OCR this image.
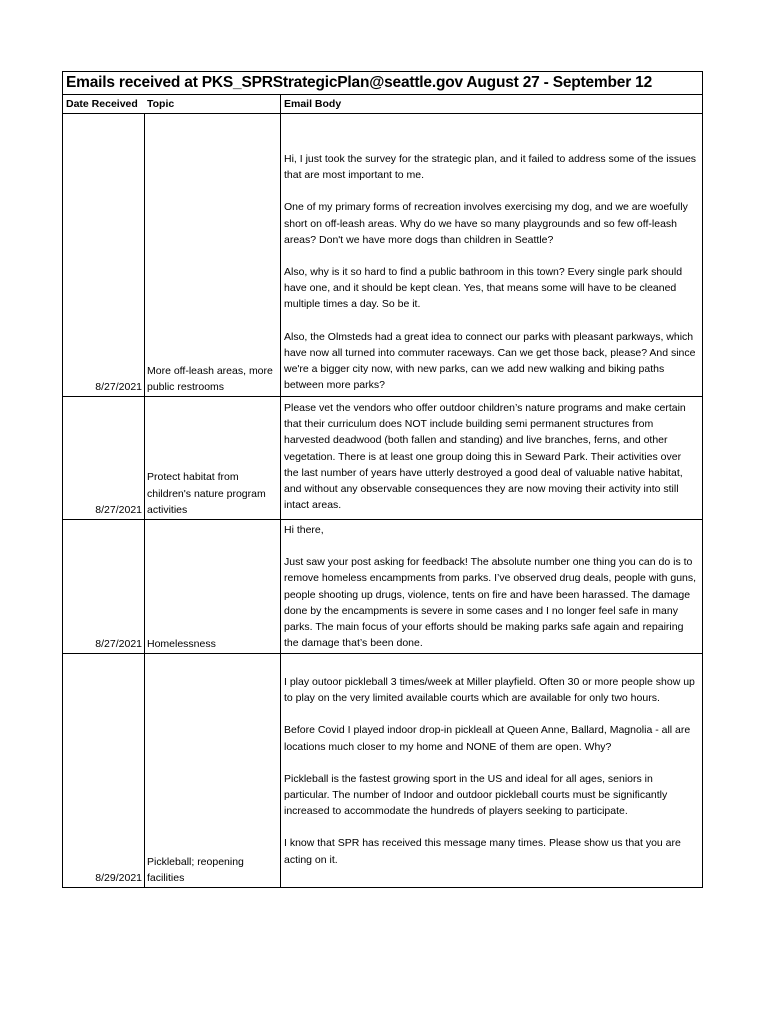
Emails received at PKS_SPRStrategicPlan@seattle.gov August 27 - September 12
Date Received Topic	Email Body
8/27/2021
More off-leash areas, more public restrooms

Hi, I just took the survey for the strategic plan, and it failed to address some of the issues that are most important to me.

One of my primary forms of recreation involves exercising my dog, and we are woefully short on off-leash areas. Why do we have so many playgrounds and so few off-leash areas? Don't we have more dogs than children in Seattle?

Also, why is it so hard to find a public bathroom in this town? Every single park should have one, and it should be kept clean. Yes, that means some will have to be cleaned multiple times a day. So be it.

Also, the Olmsteds had a great idea to connect our parks with pleasant parkways, which have now all turned into commuter raceways. Can we get those back, please? And since we're a bigger city now, with new parks, can we add new walking and biking paths between more parks?

8/27/2021
Protect habitat from children's nature program activities

Please vet the vendors who offer outdoor children’s nature programs and make certain that their curriculum does NOT include building semi permanent structures from harvested deadwood (both fallen and standing) and live branches, ferns, and other vegetation. There is at least one group doing this in Seward Park. Their activities over the last number of years have utterly destroyed a good deal of valuable native habitat, and without any observable consequences they are now moving their activity into still intact areas.

8/27/2021 Homelessness

Hi there,

Just saw your post asking for feedback! The absolute number one thing you can do is to remove homeless encampments from parks. I’ve observed drug deals, people with guns, people shooting up drugs, violence, tents on fire and have been harassed. The damage done by the encampments is severe in some cases and I no longer feel safe in many parks. The main focus of your efforts should be making parks safe again and repairing the damage that’s been done.

8/29/2021
Pickleball; reopening facilities

I play outoor pickleball 3 times/week at Miller playfield. Often 30 or more people show up to play on the very limited available courts which are available for only two hours.

Before Covid I played indoor drop-in pickleall at Queen Anne, Ballard, Magnolia - all are locations much closer to my home and NONE of them are open. Why?

Pickleball is the fastest growing sport in the US and ideal for all ages, seniors in particular. The number of Indoor and outdoor pickleball courts must be significantly increased to accommodate the hundreds of players seeking to participate.

I know that SPR has received this message many times. Please show us that you are acting on it.
